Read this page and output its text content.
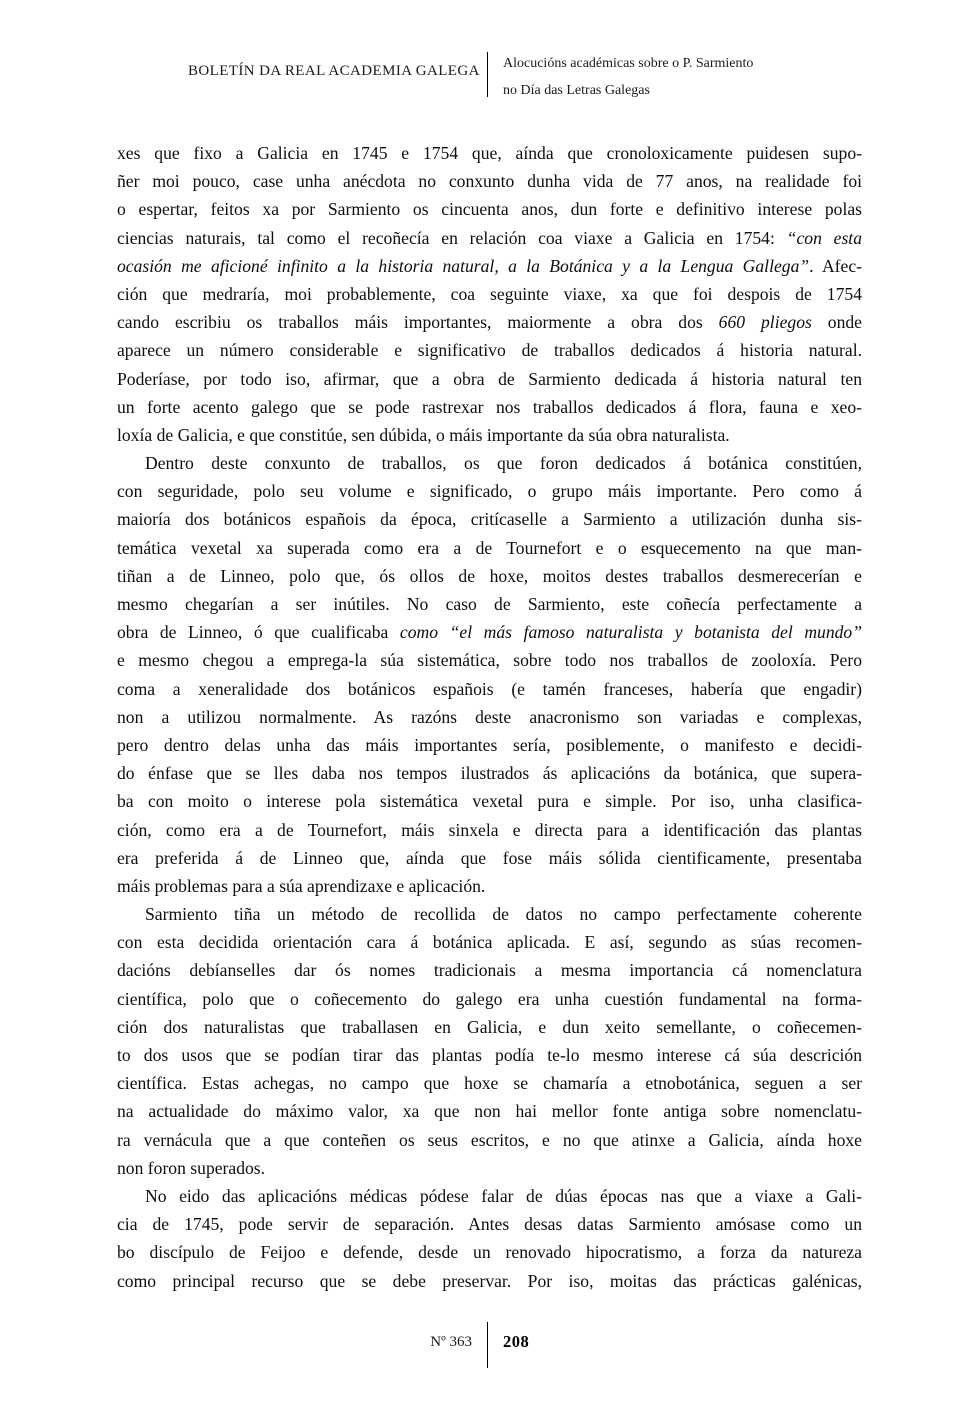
BOLETÍN DA REAL ACADEMIA GALEGA Alocucións académicas sobre o P. Sarmiento
no Día das Letras Galegas
xes que fixo a Galicia en 1745 e 1754 que, aínda que cronoloxicamente puidesen supo-
ñer moi pouco, case unha anécdota no conxunto dunha vida de 77 anos, na realidade foi
o espertar, feitos xa por Sarmiento os cincuenta anos, dun forte e definitivo interese polas
ciencias naturais, tal como el recoñecía en relación coa viaxe a Galicia en 1754: “con esta
ocasión me aficioné infinito a la historia natural, a la Botánica y a la Lengua Gallega”. Afec-
ción que medraría, moi probablemente, coa seguinte viaxe, xa que foi despois de 1754
cando escribiu os traballos máis importantes, maiormente a obra dos 660 pliegos onde
aparece un número considerable e significativo de traballos dedicados á historia natural.
Poderíase, por todo iso, afirmar, que a obra de Sarmiento dedicada á historia natural ten
un forte acento galego que se pode rastrexar nos traballos dedicados á flora, fauna e xeo-
loxía de Galicia, e que constitúe, sen dúbida, o máis importante da súa obra naturalista.
Dentro deste conxunto de traballos, os que foron dedicados á botánica constitúen,
con seguridade, polo seu volume e significado, o grupo máis importante. Pero como á
maioría dos botánicos españois da época, critícaselle a Sarmiento a utilización dunha sis-
temática vexetal xa superada como era a de Tournefort e o esquecemento na que man-
tiñan a de Linneo, polo que, ós ollos de hoxe, moitos destes traballos desmerecerían e
mesmo chegarían a ser inútiles. No caso de Sarmiento, este coñecía perfectamente a
obra de Linneo, ó que cualificaba como “el más famoso naturalista y botanista del mundo”
e mesmo chegou a emprega-la súa sistemática, sobre todo nos traballos de zooloxía. Pero
coma a xeneralidade dos botánicos españois (e tamén franceses, habería que engadir)
non a utilizou normalmente. As razóns deste anacronismo son variadas e complexas,
pero dentro delas unha das máis importantes sería, posiblemente, o manifesto e decidi-
do énfase que se lles daba nos tempos ilustrados ás aplicacións da botánica, que supera-
ba con moito o interese pola sistemática vexetal pura e simple. Por iso, unha clasifica-
ción, como era a de Tournefort, máis sinxela e directa para a identificación das plantas
era preferida á de Linneo que, aínda que fose máis sólida cientificamente, presentaba
máis problemas para a súa aprendizaxe e aplicación.
Sarmiento tiña un método de recollida de datos no campo perfectamente coherente
con esta decidida orientación cara á botánica aplicada. E así, segundo as súas recomen-
dacións debíanselles dar ós nomes tradicionais a mesma importancia cá nomenclatura
científica, polo que o coñecemento do galego era unha cuestión fundamental na forma-
ción dos naturalistas que traballasen en Galicia, e dun xeito semellante, o coñecemen-
to dos usos que se podían tirar das plantas podía te-lo mesmo interese cá súa descrición
científica. Estas achegas, no campo que hoxe se chamaría a etnobotánica, seguen a ser
na actualidade do máximo valor, xa que non hai mellor fonte antiga sobre nomenclatu-
ra vernácula que a que conteñen os seus escritos, e no que atinxe a Galicia, aínda hoxe
non foron superados.
No eido das aplicacións médicas pódese falar de dúas épocas nas que a viaxe a Gali-
cia de 1745, pode servir de separación. Antes desas datas Sarmiento amósase como un
bo discípulo de Feijoo e defende, desde un renovado hipocratismo, a forza da natureza
como principal recurso que se debe preservar. Por iso, moitas das prácticas galénicas,
Nº 363 208
